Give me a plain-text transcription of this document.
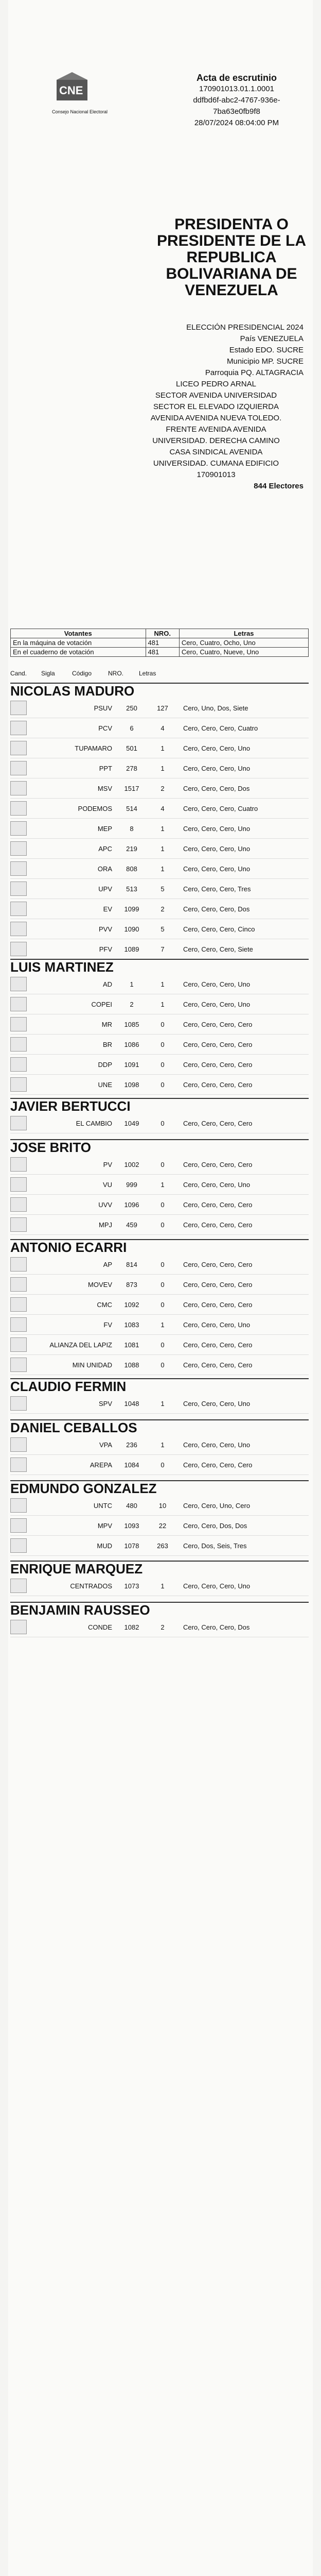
CNE
Consejo Nacional Electoral
Acta de escrutinio
170901013.01.1.0001
ddfbd6f-abc2-4767-936e-
7ba63e0fb9f8
28/07/2024 08:04:00 PM
PRESIDENTA O PRESIDENTE DE LA REPUBLICA BOLIVARIANA DE VENEZUELA
ELECCIÓN PRESIDENCIAL 2024
País VENEZUELA
Estado EDO. SUCRE
Municipio MP. SUCRE
Parroquia PQ. ALTAGRACIA
LICEO PEDRO ARNAL
SECTOR AVENIDA UNIVERSIDAD
SECTOR EL ELEVADO IZQUIERDA
AVENIDA AVENIDA NUEVA TOLEDO.
FRENTE AVENIDA AVENIDA
UNIVERSIDAD. DERECHA CAMINO
CASA SINDICAL AVENIDA
UNIVERSIDAD. CUMANA EDIFICIO
170901013
844 Electores
Votantes	NRO.	Letras
En la máquina de votación	481	Cero, Cuatro, Ocho, Uno
En el cuaderno de votación	481	Cero, Cuatro, Nueve, Uno
Cand.	Sigla	Código	NRO.	Letras
NICOLAS MADURO
PSUV	250	127	Cero, Uno, Dos, Siete
PCV	6	4	Cero, Cero, Cero, Cuatro
TUPAMARO	501	1	Cero, Cero, Cero, Uno
PPT	278	1	Cero, Cero, Cero, Uno
MSV	1517	2	Cero, Cero, Cero, Dos
PODEMOS	514	4	Cero, Cero, Cero, Cuatro
MEP	8	1	Cero, Cero, Cero, Uno
APC	219	1	Cero, Cero, Cero, Uno
ORA	808	1	Cero, Cero, Cero, Uno
UPV	513	5	Cero, Cero, Cero, Tres
EV	1099	2	Cero, Cero, Cero, Dos
PVV	1090	5	Cero, Cero, Cero, Cinco
PFV	1089	7	Cero, Cero, Cero, Siete
LUIS MARTINEZ
AD	1	1	Cero, Cero, Cero, Uno
COPEI	2	1	Cero, Cero, Cero, Uno
MR	1085	0	Cero, Cero, Cero, Cero
BR	1086	0	Cero, Cero, Cero, Cero
DDP	1091	0	Cero, Cero, Cero, Cero
UNE	1098	0	Cero, Cero, Cero, Cero
JAVIER BERTUCCI
EL CAMBIO	1049	0	Cero, Cero, Cero, Cero
JOSE BRITO
PV	1002	0	Cero, Cero, Cero, Cero
VU	999	1	Cero, Cero, Cero, Uno
UVV	1096	0	Cero, Cero, Cero, Cero
MPJ	459	0	Cero, Cero, Cero, Cero
ANTONIO ECARRI
AP	814	0	Cero, Cero, Cero, Cero
MOVEV	873	0	Cero, Cero, Cero, Cero
CMC	1092	0	Cero, Cero, Cero, Cero
FV	1083	1	Cero, Cero, Cero, Uno
ALIANZA DEL LAPIZ	1081	0	Cero, Cero, Cero, Cero
MIN UNIDAD	1088	0	Cero, Cero, Cero, Cero
CLAUDIO FERMIN
SPV	1048	1	Cero, Cero, Cero, Uno
DANIEL CEBALLOS
VPA	236	1	Cero, Cero, Cero, Uno
AREPA	1084	0	Cero, Cero, Cero, Cero
EDMUNDO GONZALEZ
UNTC	480	10	Cero, Cero, Uno, Cero
MPV	1093	22	Cero, Cero, Dos, Dos
MUD	1078	263	Cero, Dos, Seis, Tres
ENRIQUE MARQUEZ
CENTRADOS	1073	1	Cero, Cero, Cero, Uno
BENJAMIN RAUSSEO
CONDE	1082	2	Cero, Cero, Cero, Dos
